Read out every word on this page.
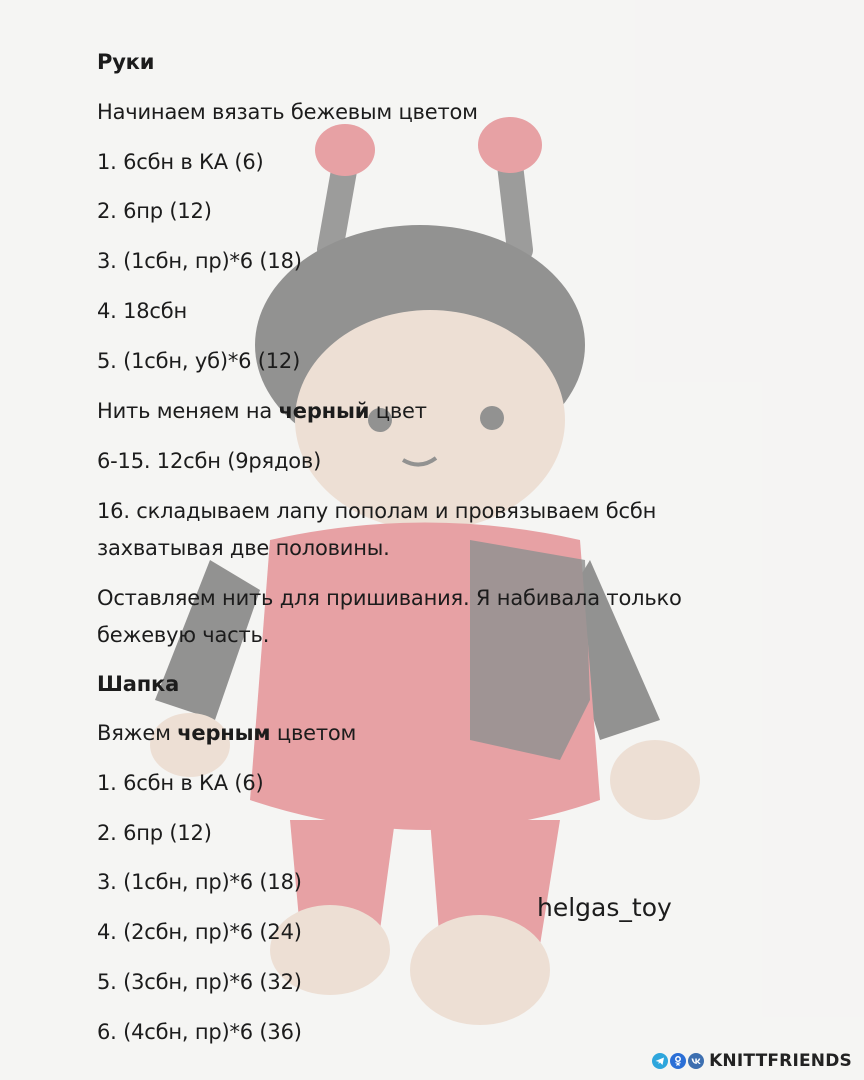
Руки
Начинаем вязать бежевым цветом
1. 6сбн в КА (6)
2. 6пр (12)
3. (1сбн, пр)*6 (18)
4. 18сбн
5. (1сбн, уб)*6 (12)
Нить меняем на черный цвет
6-15. 12сбн (9рядов)
16. складываем лапу пополам и провязываем бсбн
захватывая две половины.
Оставляем нить для пришивания. Я набивала только
бежевую часть.
Шапка
Вяжем черным цветом
1. 6сбн в КА (6)
2. 6пр (12)
3. (1сбн, пр)*6 (18)
4. (2сбн, пр)*6 (24)
5. (3сбн, пр)*6 (32)
6. (4сбн, пр)*6 (36)
helgas_toy
KNITTFRIENDS
